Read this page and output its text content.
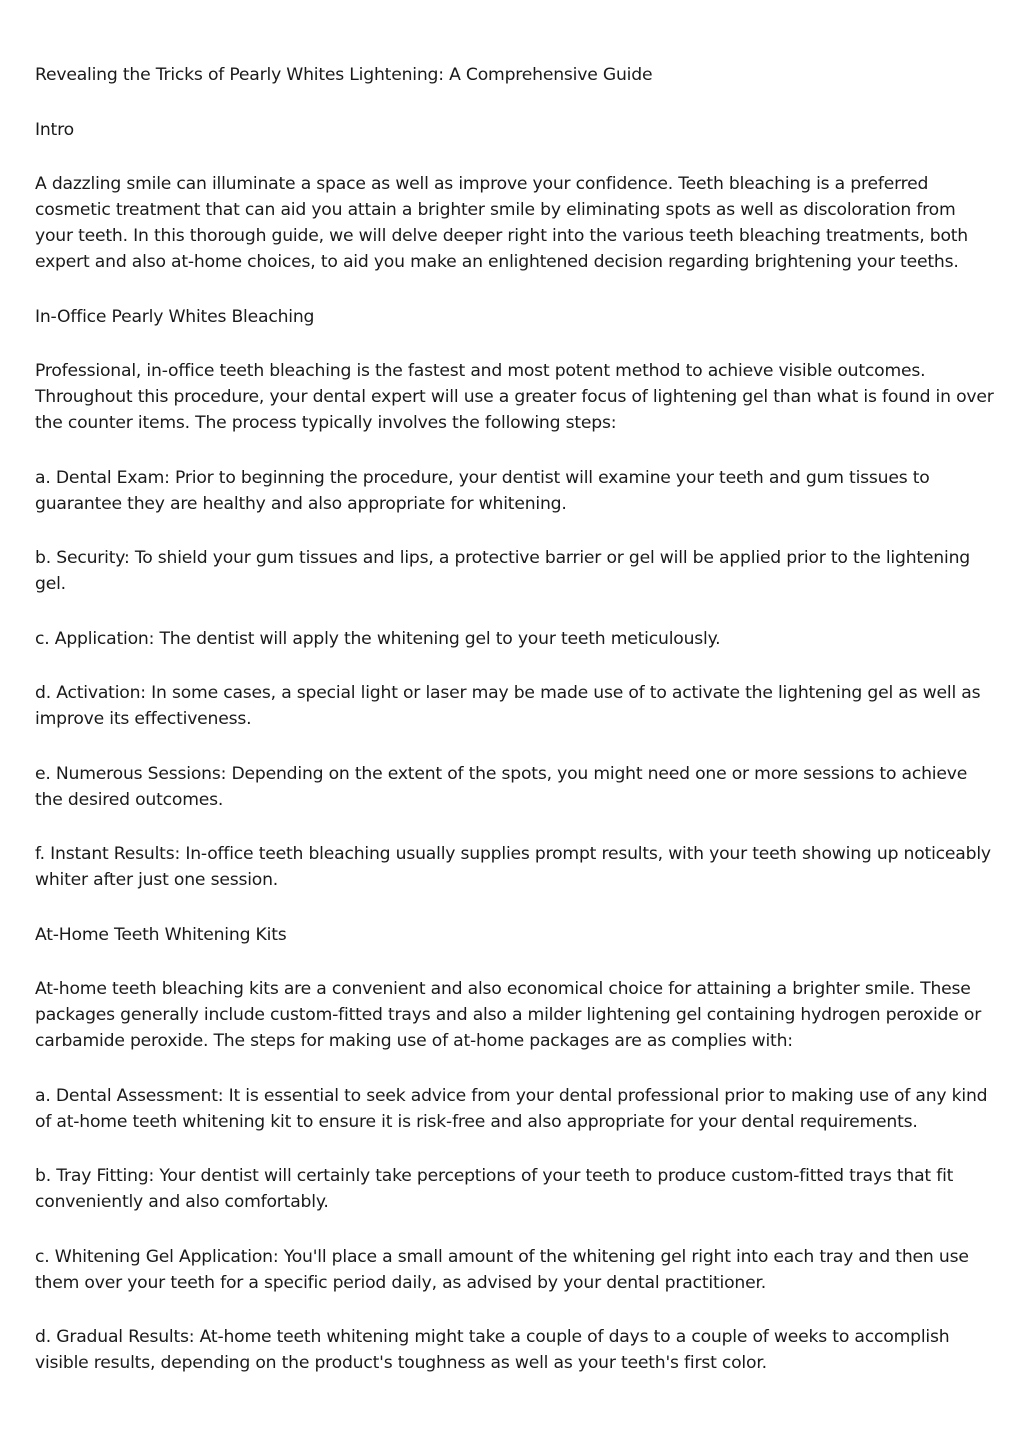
Revealing the Tricks of Pearly Whites Lightening: A Comprehensive Guide

Intro

A dazzling smile can illuminate a space as well as improve your confidence. Teeth bleaching is a preferred cosmetic treatment that can aid you attain a brighter smile by eliminating spots as well as discoloration from your teeth. In this thorough guide, we will delve deeper right into the various teeth bleaching treatments, both expert and also at-home choices, to aid you make an enlightened decision regarding brightening your teeths.

In-Office Pearly Whites Bleaching

Professional, in-office teeth bleaching is the fastest and most potent method to achieve visible outcomes. Throughout this procedure, your dental expert will use a greater focus of lightening gel than what is found in over the counter items. The process typically involves the following steps:

a. Dental Exam: Prior to beginning the procedure, your dentist will examine your teeth and gum tissues to guarantee they are healthy and also appropriate for whitening.

b. Security: To shield your gum tissues and lips, a protective barrier or gel will be applied prior to the lightening gel.

c. Application: The dentist will apply the whitening gel to your teeth meticulously.

d. Activation: In some cases, a special light or laser may be made use of to activate the lightening gel as well as improve its effectiveness.

e. Numerous Sessions: Depending on the extent of the spots, you might need one or more sessions to achieve the desired outcomes.

f. Instant Results: In-office teeth bleaching usually supplies prompt results, with your teeth showing up noticeably whiter after just one session.

At-Home Teeth Whitening Kits

At-home teeth bleaching kits are a convenient and also economical choice for attaining a brighter smile. These packages generally include custom-fitted trays and also a milder lightening gel containing hydrogen peroxide or carbamide peroxide. The steps for making use of at-home packages are as complies with:

a. Dental Assessment: It is essential to seek advice from your dental professional prior to making use of any kind of at-home teeth whitening kit to ensure it is risk-free and also appropriate for your dental requirements.

b. Tray Fitting: Your dentist will certainly take perceptions of your teeth to produce custom-fitted trays that fit conveniently and also comfortably.

c. Whitening Gel Application: You'll place a small amount of the whitening gel right into each tray and then use them over your teeth for a specific period daily, as advised by your dental practitioner.

d. Gradual Results: At-home teeth whitening might take a couple of days to a couple of weeks to accomplish visible results, depending on the product's toughness as well as your teeth's first color.
